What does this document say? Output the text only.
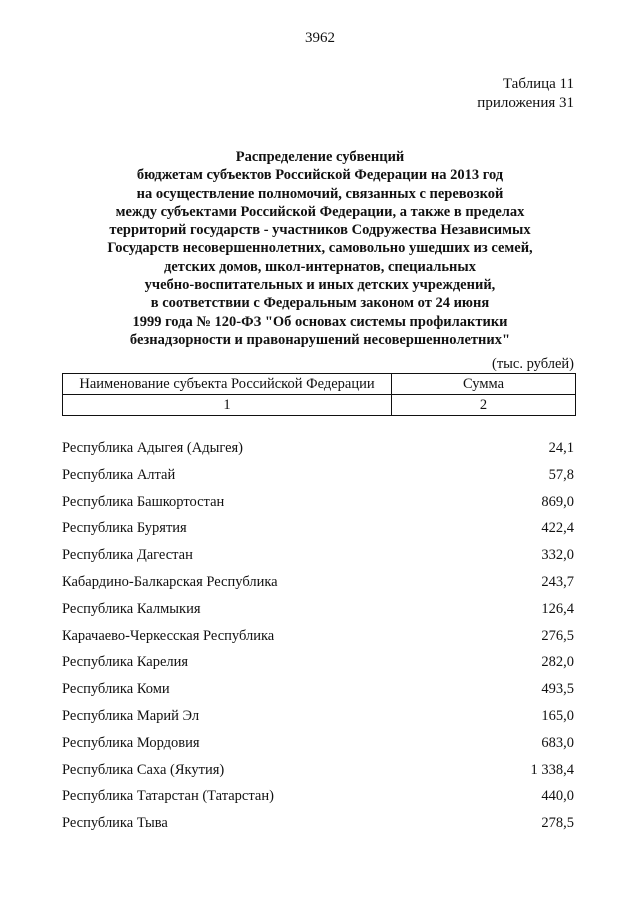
3962
Таблица 11
приложения 31
Распределение субвенций
бюджетам субъектов Российской Федерации на 2013 год
на осуществление полномочий, связанных с перевозкой
между субъектами Российской Федерации, а также в пределах
территорий государств - участников Содружества Независимых
Государств несовершеннолетних, самовольно ушедших из семей,
детских домов, школ-интернатов, специальных
учебно-воспитательных и иных детских учреждений,
в соответствии с Федеральным законом от 24 июня
1999 года № 120-ФЗ "Об основах системы профилактики
безнадзорности и правонарушений несовершеннолетних"
(тыс. рублей)
Наименование субъекта Российской Федерации	Сумма
1	2
Республика Адыгея (Адыгея)	24,1
Республика Алтай	57,8
Республика Башкортостан	869,0
Республика Бурятия	422,4
Республика Дагестан	332,0
Кабардино-Балкарская Республика	243,7
Республика Калмыкия	126,4
Карачаево-Черкесская Республика	276,5
Республика Карелия	282,0
Республика Коми	493,5
Республика Марий Эл	165,0
Республика Мордовия	683,0
Республика Саха (Якутия)	1 338,4
Республика Татарстан (Татарстан)	440,0
Республика Тыва	278,5
